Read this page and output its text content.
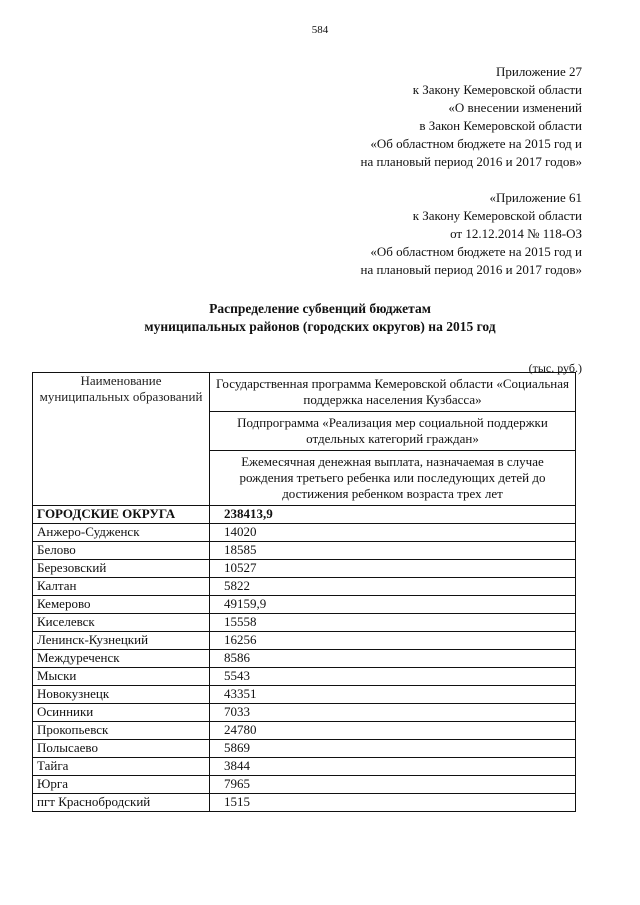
584
Приложение 27
к Закону Кемеровской области
«О внесении изменений
в Закон Кемеровской области
«Об областном бюджете на 2015 год и
на плановый период 2016 и 2017 годов»
«Приложение 61
к Закону Кемеровской области
от 12.12.2014 № 118-ОЗ
«Об областном бюджете на 2015 год и
на плановый период 2016 и 2017 годов»
Распределение субвенций бюджетам
муниципальных районов (городских округов) на 2015 год
(тыс. руб.)
Наименование муниципальных образований	Государственная программа Кемеровской области «Социальная поддержка населения Кузбасса»
	Подпрограмма «Реализация мер социальной поддержки отдельных категорий граждан»
	Ежемесячная денежная выплата, назначаемая в случае рождения третьего ребенка или последующих детей до достижения ребенком возраста трех лет
ГОРОДСКИЕ ОКРУГА	238413,9
Анжеро-Судженск	14020
Белово	18585
Березовский	10527
Калтан	5822
Кемерово	49159,9
Киселевск	15558
Ленинск-Кузнецкий	16256
Междуреченск	8586
Мыски	5543
Новокузнецк	43351
Осинники	7033
Прокопьевск	24780
Полысаево	5869
Тайга	3844
Юрга	7965
пгт Краснобродский	1515
